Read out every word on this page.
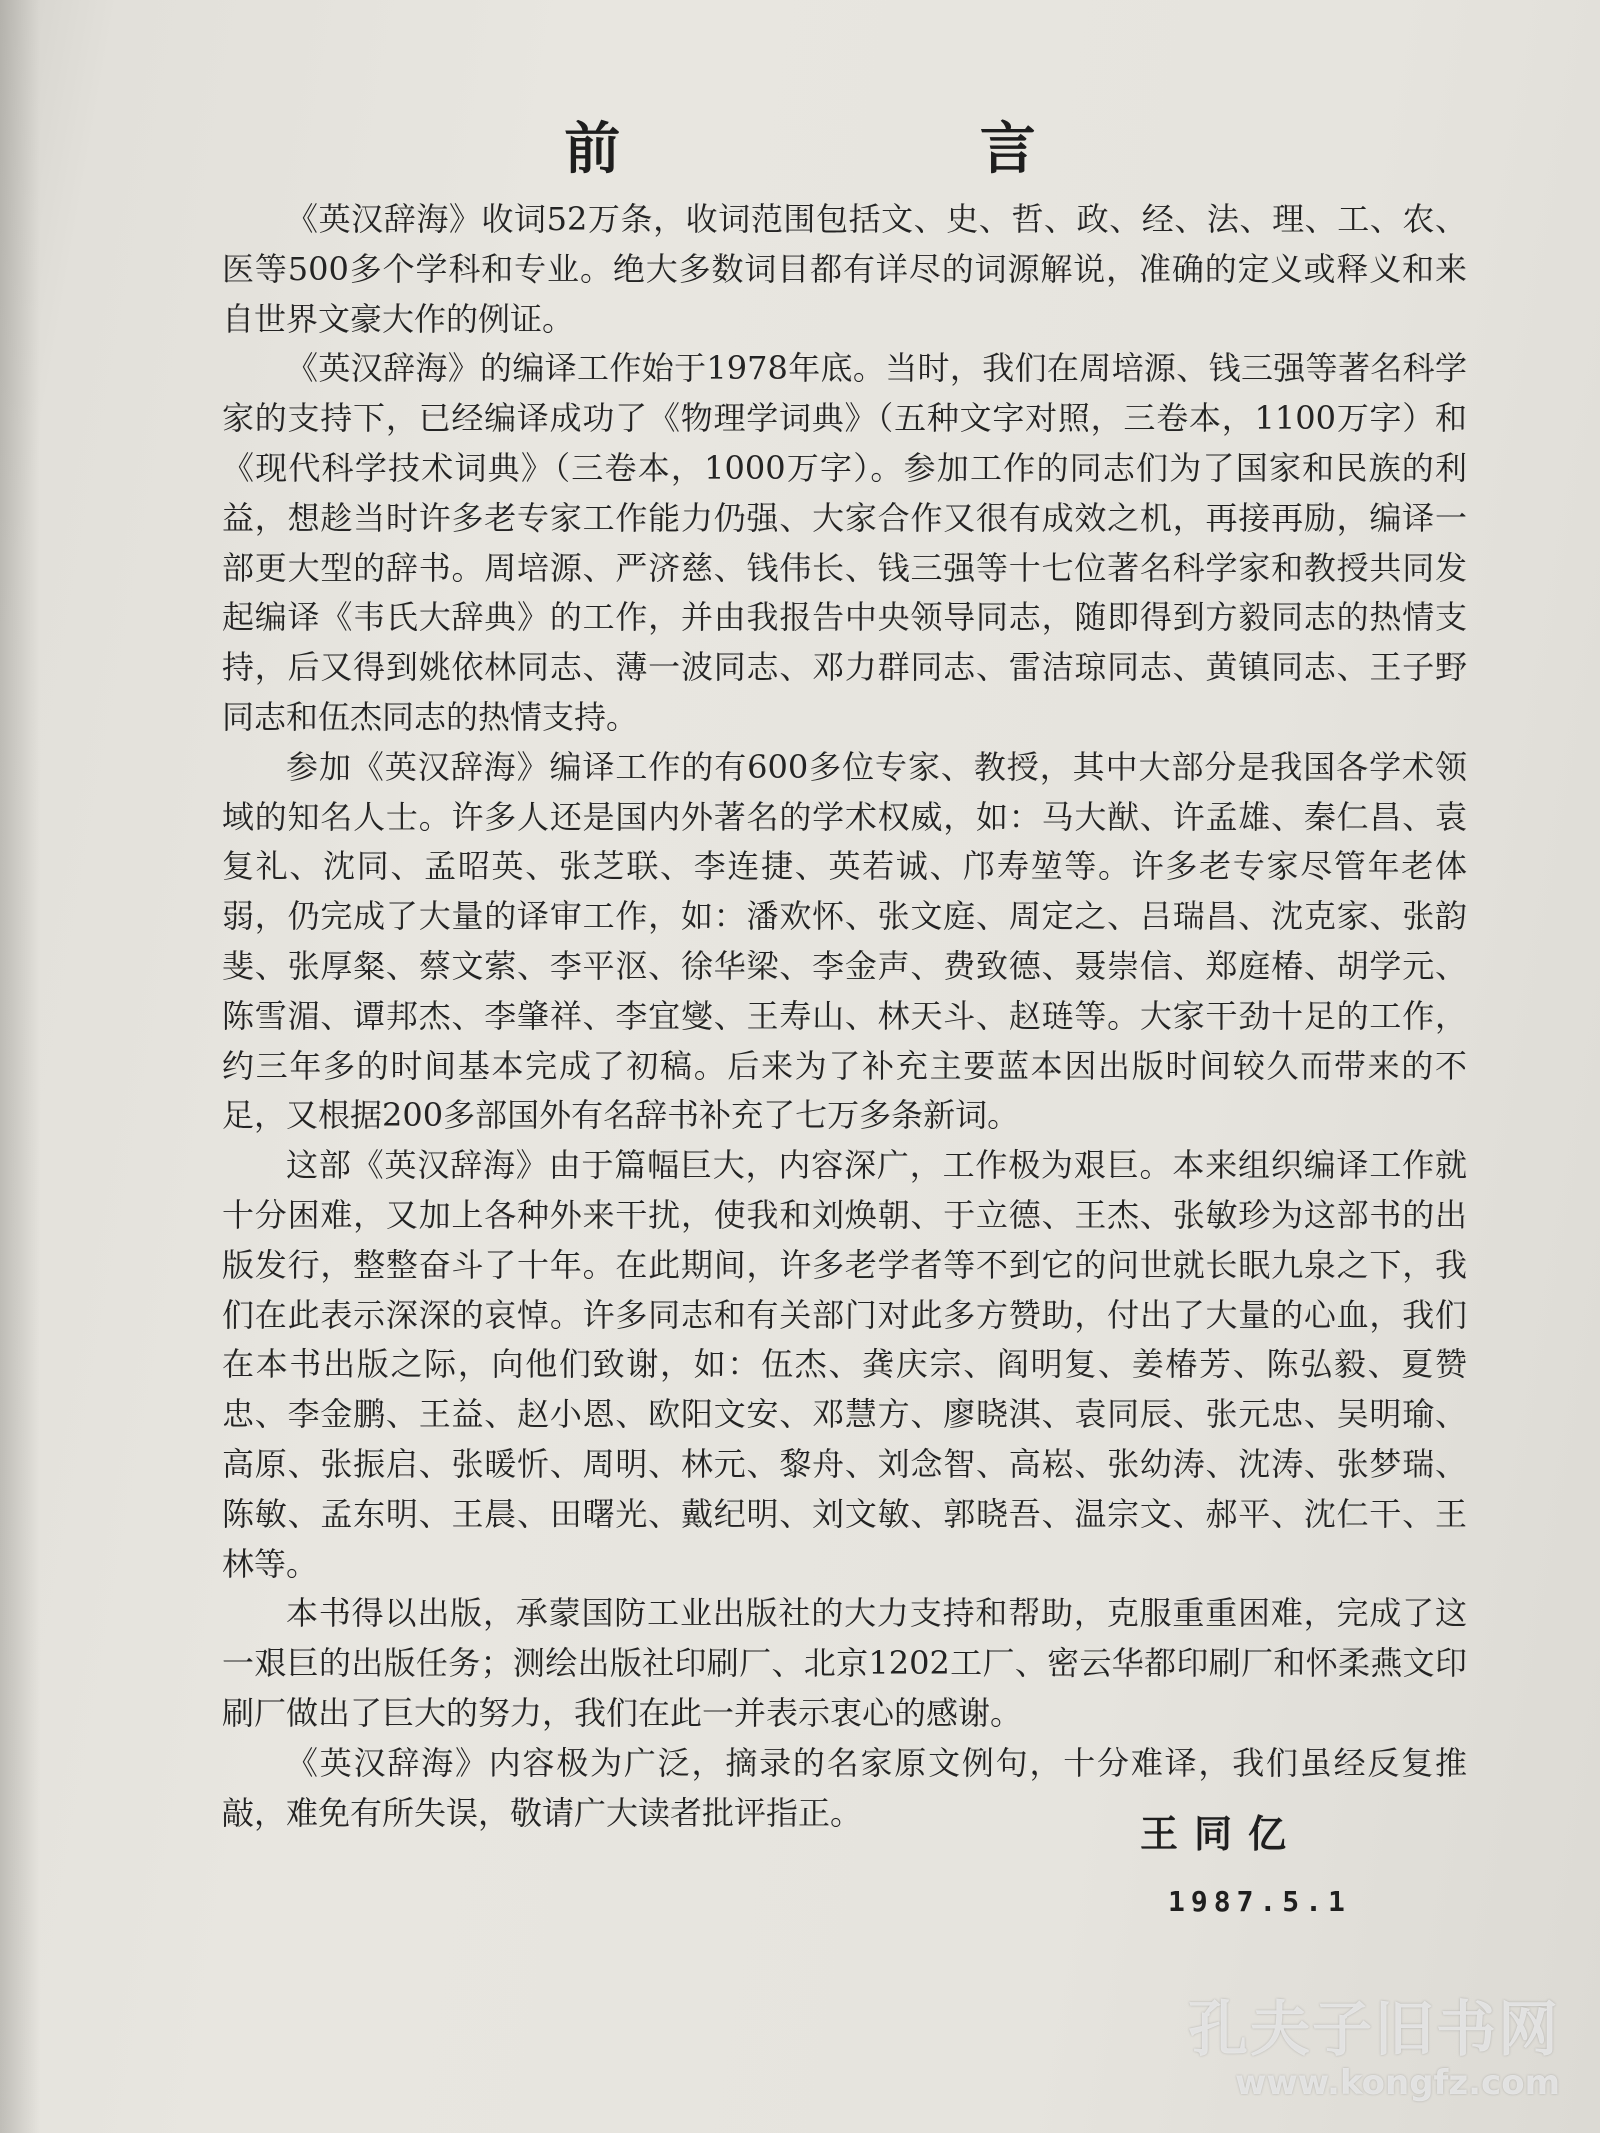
前 言

《英汉辞海》收词52万条，收词范围包括文、史、哲、政、经、法、理、工、农、医等500多个学科和专业。绝大多数词目都有详尽的词源解说，准确的定义或释义和来自世界文豪大作的例证。

《英汉辞海》的编译工作始于1978年底。当时，我们在周培源、钱三强等著名科学家的支持下，已经编译成功了《物理学词典》（五种文字对照，三卷本，1100万字）和《现代科学技术词典》（三卷本，1000万字）。参加工作的同志们为了国家和民族的利益，想趁当时许多老专家工作能力仍强、大家合作又很有成效之机，再接再励，编译一部更大型的辞书。周培源、严济慈、钱伟长、钱三强等十七位著名科学家和教授共同发起编译《韦氏大辞典》的工作，并由我报告中央领导同志，随即得到方毅同志的热情支持，后又得到姚依林同志、薄一波同志、邓力群同志、雷洁琼同志、黄镇同志、王子野同志和伍杰同志的热情支持。

参加《英汉辞海》编译工作的有600多位专家、教授，其中大部分是我国各学术领域的知名人士。许多人还是国内外著名的学术权威，如：马大猷、许孟雄、秦仁昌、袁复礼、沈同、孟昭英、张芝联、李连捷、英若诚、邝寿堃等。许多老专家尽管年老体弱，仍完成了大量的译审工作，如：潘欢怀、张文庭、周定之、吕瑞昌、沈克家、张韵斐、张厚粲、蔡文萦、李平沤、徐华梁、李金声、费致德、聂崇信、郑庭椿、胡学元、陈雪湄、谭邦杰、李肇祥、李宜燮、王寿山、林天斗、赵琏等。大家干劲十足的工作，约三年多的时间基本完成了初稿。后来为了补充主要蓝本因出版时间较久而带来的不足，又根据200多部国外有名辞书补充了七万多条新词。

这部《英汉辞海》由于篇幅巨大，内容深广，工作极为艰巨。本来组织编译工作就十分困难，又加上各种外来干扰，使我和刘焕朝、于立德、王杰、张敏珍为这部书的出版发行，整整奋斗了十年。在此期间，许多老学者等不到它的问世就长眠九泉之下，我们在此表示深深的哀悼。许多同志和有关部门对此多方赞助，付出了大量的心血，我们在本书出版之际，向他们致谢，如：伍杰、龚庆宗、阎明复、姜椿芳、陈弘毅、夏赞忠、李金鹏、王益、赵小恩、欧阳文安、邓慧方、廖晓淇、袁同辰、张元忠、吴明瑜、高原、张振启、张暖忻、周明、林元、黎舟、刘念智、高崧、张幼涛、沈涛、张梦瑞、陈敏、孟东明、王晨、田曙光、戴纪明、刘文敏、郭晓吾、温宗文、郝平、沈仁干、王林等。

本书得以出版，承蒙国防工业出版社的大力支持和帮助，克服重重困难，完成了这一艰巨的出版任务；测绘出版社印刷厂、北京1202工厂、密云华都印刷厂和怀柔燕文印刷厂做出了巨大的努力，我们在此一并表示衷心的感谢。

《英汉辞海》内容极为广泛，摘录的名家原文例句，十分难译，我们虽经反复推敲，难免有所失误，敬请广大读者批评指正。	王同亿
1987.5.1
孔夫子旧书网
www.kongfz.com
